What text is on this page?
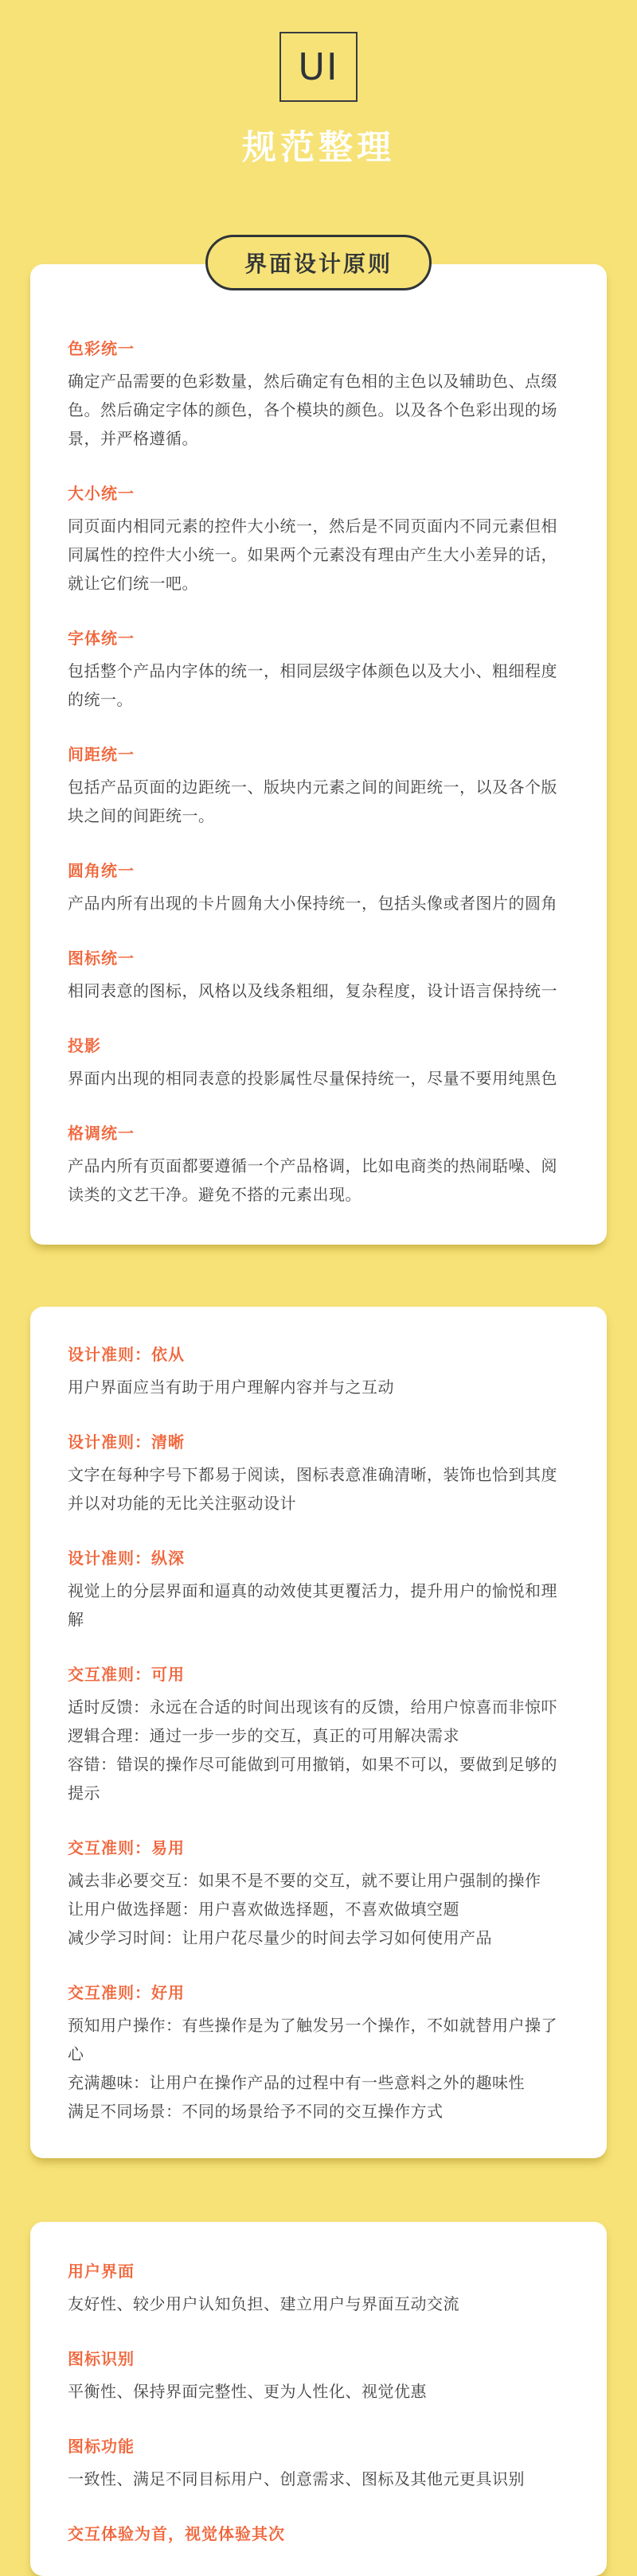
UI
规范整理
界面设计原则
色彩统一
确定产品需要的色彩数量，然后确定有色相的主色以及辅助色、点缀色。然后确定字体的颜色，各个模块的颜色。以及各个色彩出现的场景，并严格遵循。
大小统一
同页面内相同元素的控件大小统一，然后是不同页面内不同元素但相同属性的控件大小统一。如果两个元素没有理由产生大小差异的话，就让它们统一吧。
字体统一
包括整个产品内字体的统一，相同层级字体颜色以及大小、粗细程度的统一。
间距统一
包括产品页面的边距统一、版块内元素之间的间距统一，以及各个版块之间的间距统一。
圆角统一
产品内所有出现的卡片圆角大小保持统一，包括头像或者图片的圆角
图标统一
相同表意的图标，风格以及线条粗细，复杂程度，设计语言保持统一
投影
界面内出现的相同表意的投影属性尽量保持统一，尽量不要用纯黑色
格调统一
产品内所有页面都要遵循一个产品格调，比如电商类的热闹聒噪、阅读类的文艺干净。避免不搭的元素出现。
设计准则：依从
用户界面应当有助于用户理解内容并与之互动
设计准则：清晰
文字在每种字号下都易于阅读，图标表意准确清晰，装饰也恰到其度并以对功能的无比关注驱动设计
设计准则：纵深
视觉上的分层界面和逼真的动效使其更覆活力，提升用户的愉悦和理解
交互准则：可用
适时反馈：永远在合适的时间出现该有的反馈，给用户惊喜而非惊吓
逻辑合理：通过一步一步的交互，真正的可用解决需求
容错：错误的操作尽可能做到可用撤销，如果不可以，要做到足够的提示
交互准则：易用
减去非必要交互：如果不是不要的交互，就不要让用户强制的操作
让用户做选择题：用户喜欢做选择题，不喜欢做填空题
减少学习时间：让用户花尽量少的时间去学习如何使用产品
交互准则：好用
预知用户操作：有些操作是为了触发另一个操作，不如就替用户操了心
充满趣味：让用户在操作产品的过程中有一些意料之外的趣味性
满足不同场景：不同的场景给予不同的交互操作方式
用户界面
友好性、较少用户认知负担、建立用户与界面互动交流
图标识别
平衡性、保持界面完整性、更为人性化、视觉优惠
图标功能
一致性、满足不同目标用户、创意需求、图标及其他元更具识别
交互体验为首，视觉体验其次
